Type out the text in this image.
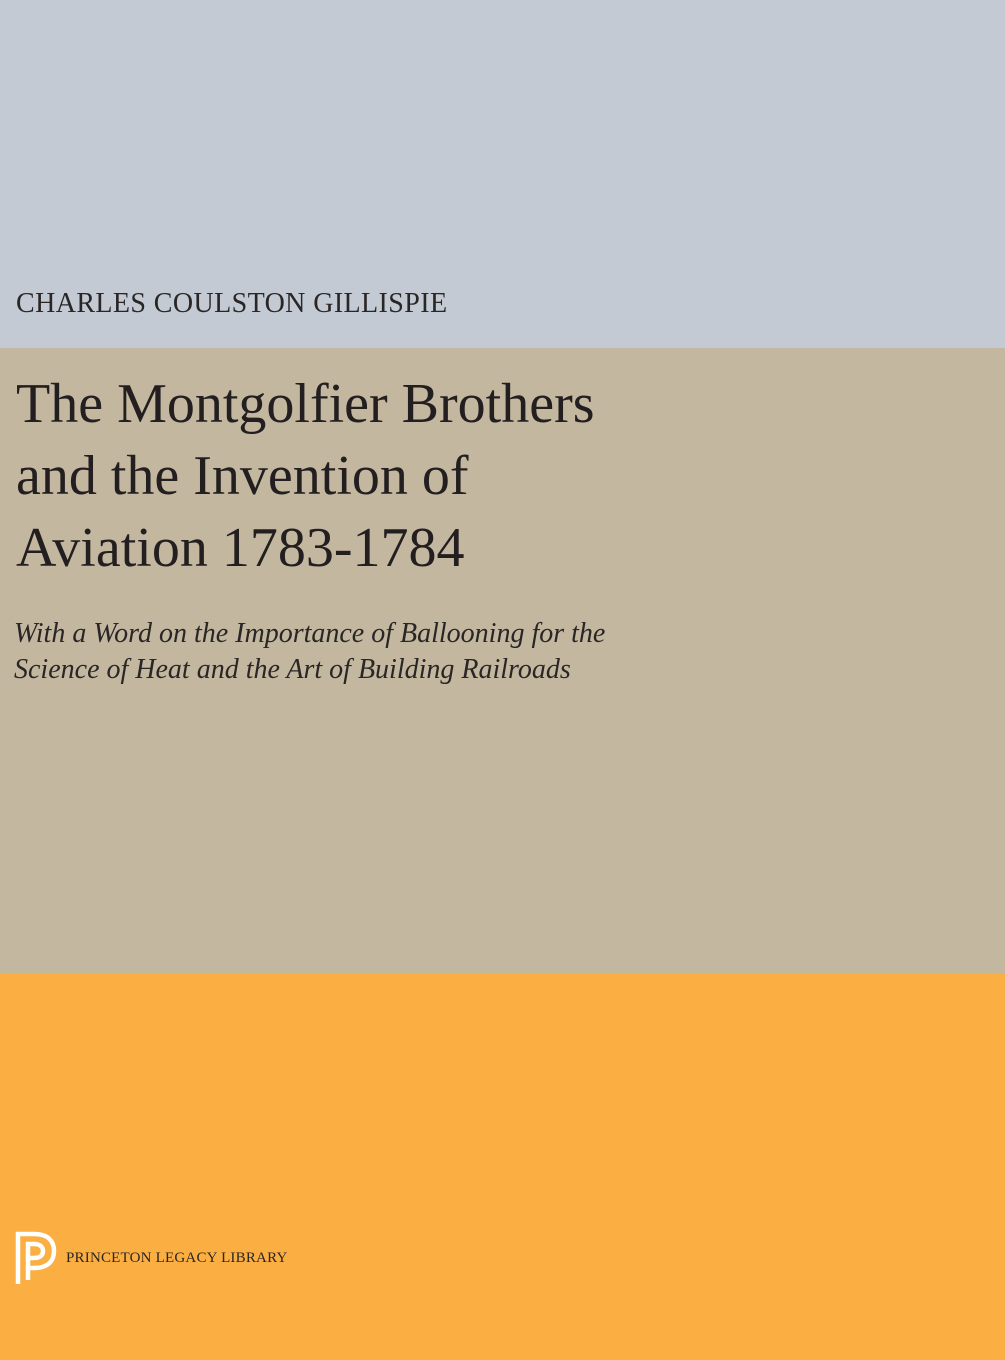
CHARLES COULSTON GILLISPIE
The Montgolfier Brothers
and the Invention of
Aviation 1783-1784

With a Word on the Importance of Ballooning for the
Science of Heat and the Art of Building Railroads

PRINCETON LEGACY LIBRARY
